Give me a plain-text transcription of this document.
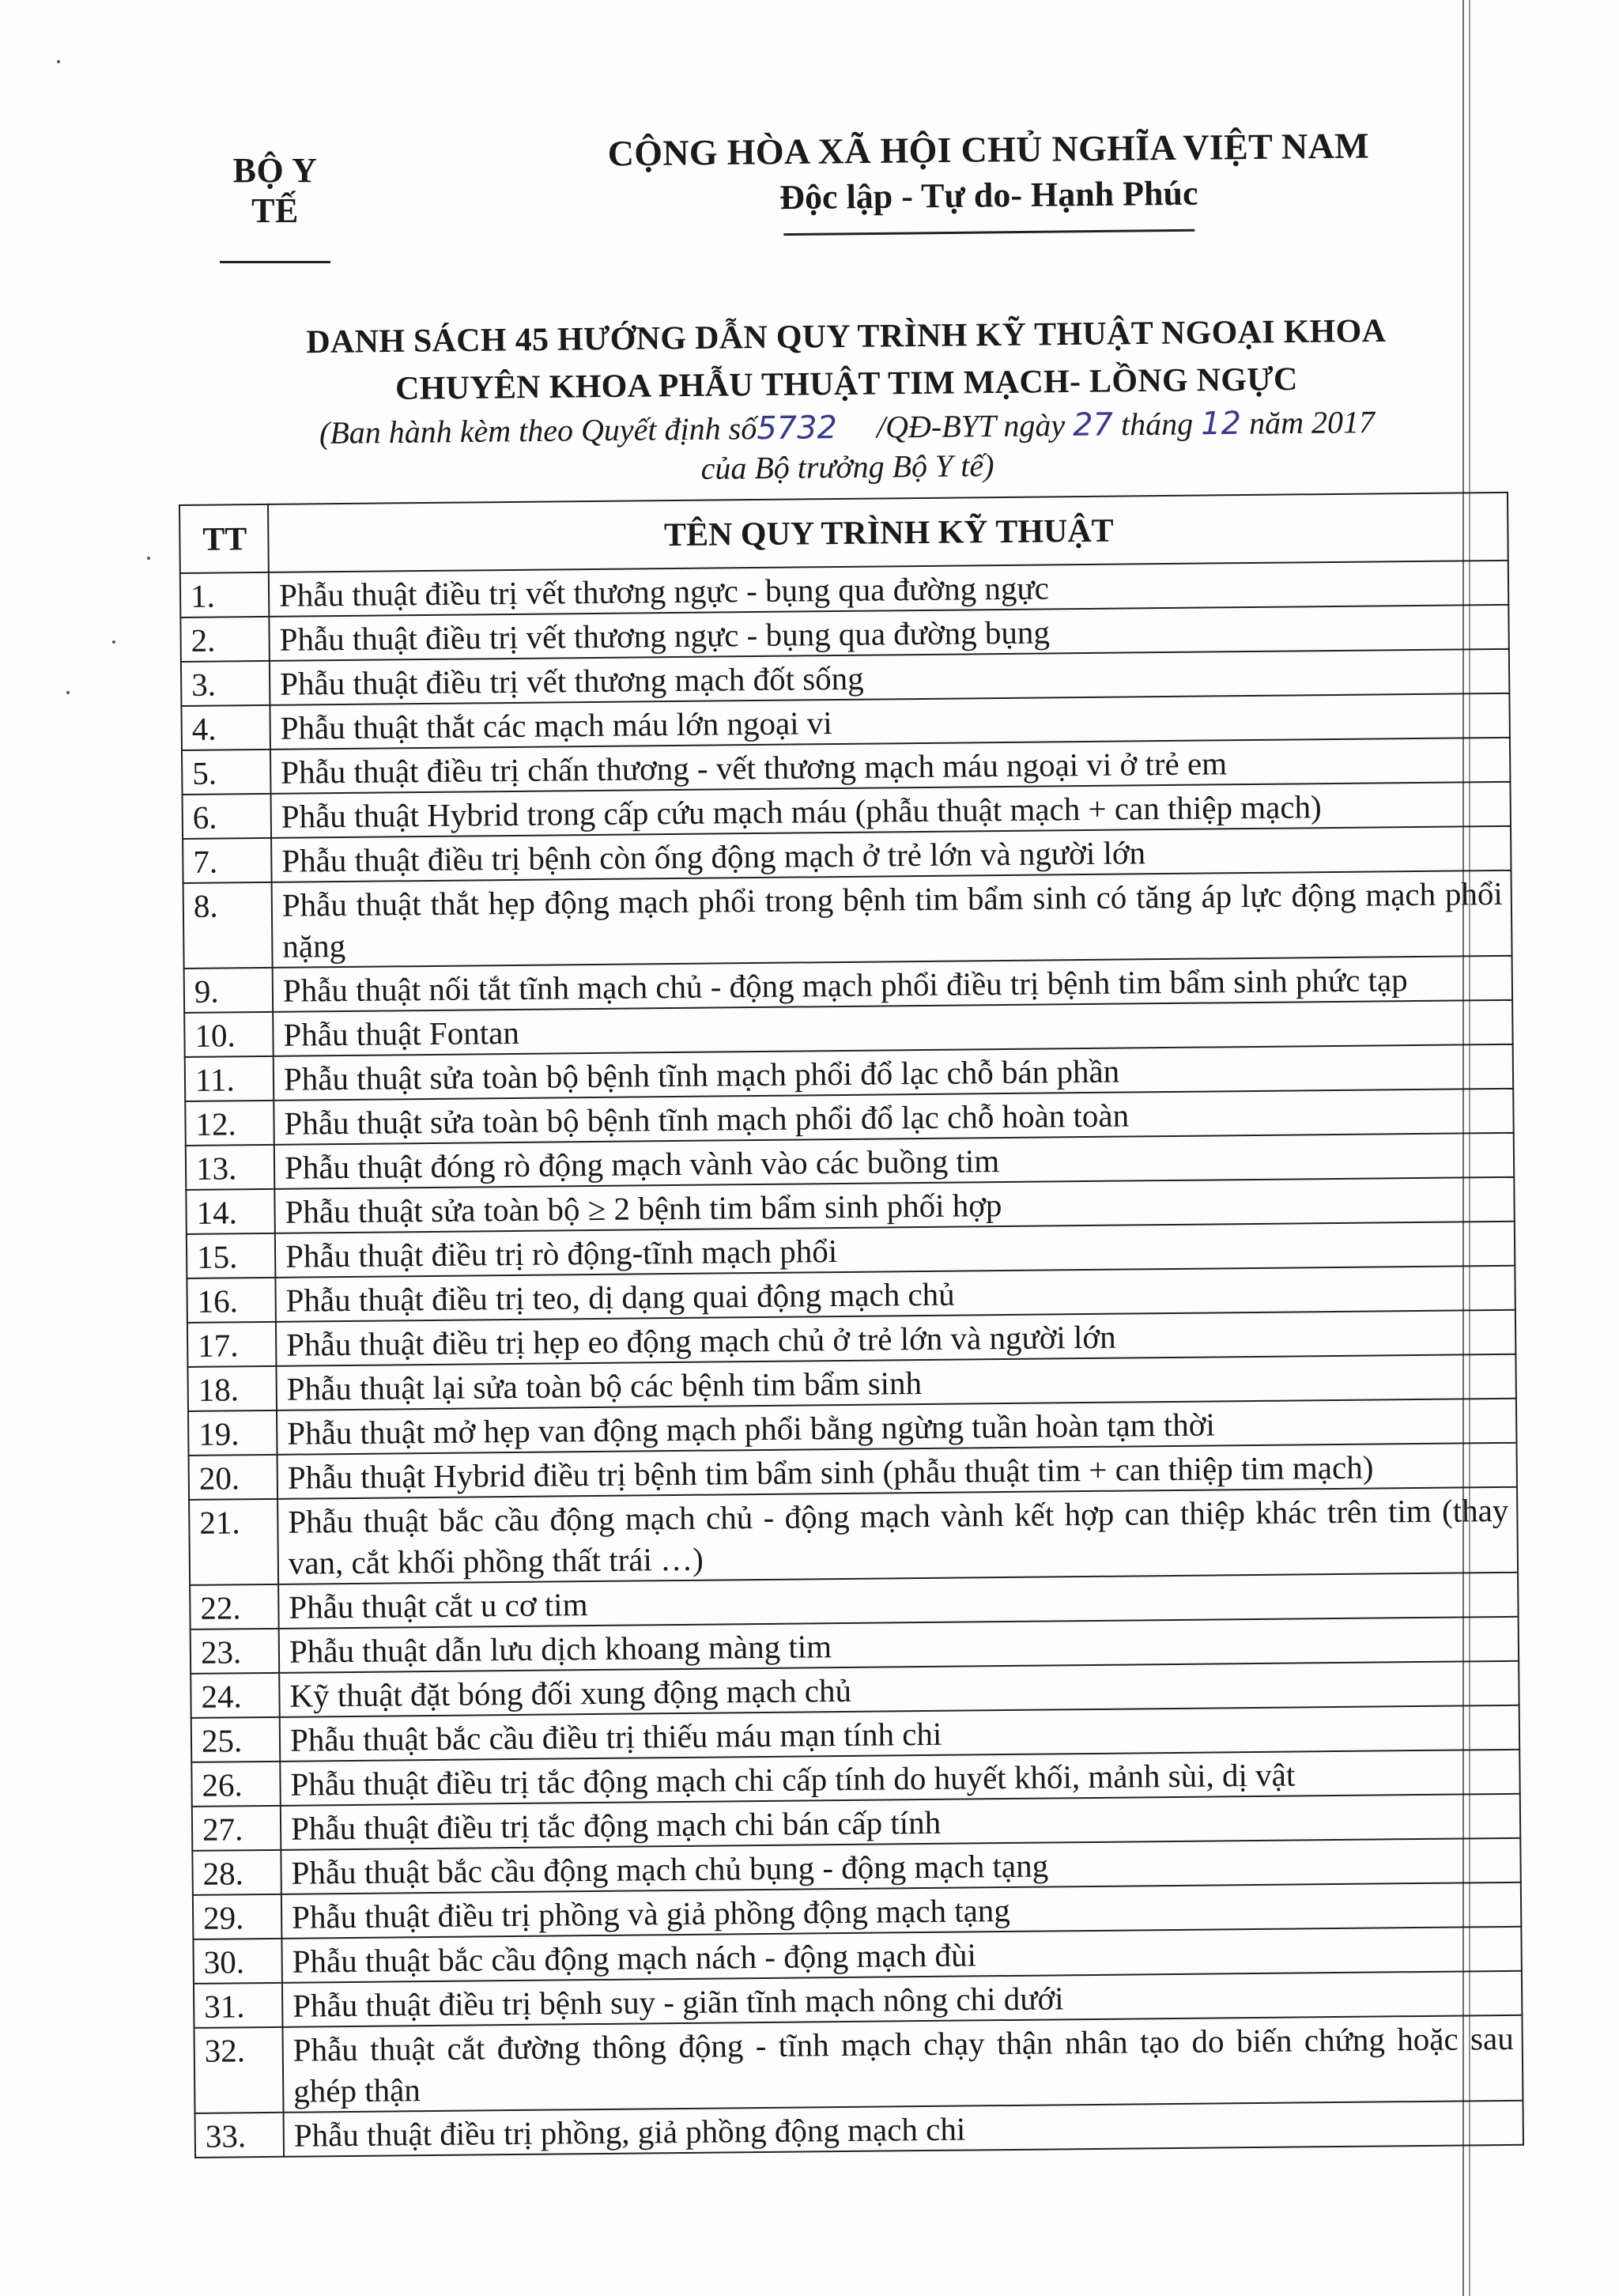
BỘ Y TẾ
CỘNG HÒA XÃ HỘI CHỦ NGHĨA VIỆT NAM
Độc lập - Tự do- Hạnh Phúc
DANH SÁCH 45 HƯỚNG DẪN QUY TRÌNH KỸ THUẬT NGOẠI KHOA
CHUYÊN KHOA PHẪU THUẬT TIM MẠCH- LỒNG NGỰC
(Ban hành kèm theo Quyết định số5732 /QĐ-BYT ngày 27 tháng 12 năm 2017
của Bộ trưởng Bộ Y tế)
TT	TÊN QUY TRÌNH KỸ THUẬT
1.	Phẫu thuật điều trị vết thương ngực - bụng qua đường ngực
2.	Phẫu thuật điều trị vết thương ngực - bụng qua đường bụng
3.	Phẫu thuật điều trị vết thương mạch đốt sống
4.	Phẫu thuật thắt các mạch máu lớn ngoại vi
5.	Phẫu thuật điều trị chấn thương - vết thương mạch máu ngoại vi ở trẻ em
6.	Phẫu thuật Hybrid trong cấp cứu mạch máu (phẫu thuật mạch + can thiệp mạch)
7.	Phẫu thuật điều trị bệnh còn ống động mạch ở trẻ lớn và người lớn
8.	Phẫu thuật thắt hẹp động mạch phổi trong bệnh tim bẩm sinh có tăng áp lực động mạch phổi nặng
9.	Phẫu thuật nối tắt tĩnh mạch chủ - động mạch phổi điều trị bệnh tim bẩm sinh phức tạp
10.	Phẫu thuật Fontan
11.	Phẫu thuật sửa toàn bộ bệnh tĩnh mạch phổi đổ lạc chỗ bán phần
12.	Phẫu thuật sửa toàn bộ bệnh tĩnh mạch phổi đổ lạc chỗ hoàn toàn
13.	Phẫu thuật đóng rò động mạch vành vào các buồng tim
14.	Phẫu thuật sửa toàn bộ ≥ 2 bệnh tim bẩm sinh phối hợp
15.	Phẫu thuật điều trị rò động-tĩnh mạch phổi
16.	Phẫu thuật điều trị teo, dị dạng quai động mạch chủ
17.	Phẫu thuật điều trị hẹp eo động mạch chủ ở trẻ lớn và người lớn
18.	Phẫu thuật lại sửa toàn bộ các bệnh tim bẩm sinh
19.	Phẫu thuật mở hẹp van động mạch phổi bằng ngừng tuần hoàn tạm thời
20.	Phẫu thuật Hybrid điều trị bệnh tim bẩm sinh (phẫu thuật tim + can thiệp tim mạch)
21.	Phẫu thuật bắc cầu động mạch chủ - động mạch vành kết hợp can thiệp khác trên tim (thay van, cắt khối phồng thất trái …)
22.	Phẫu thuật cắt u cơ tim
23.	Phẫu thuật dẫn lưu dịch khoang màng tim
24.	Kỹ thuật đặt bóng đối xung động mạch chủ
25.	Phẫu thuật bắc cầu điều trị thiếu máu mạn tính chi
26.	Phẫu thuật điều trị tắc động mạch chi cấp tính do huyết khối, mảnh sùi, dị vật
27.	Phẫu thuật điều trị tắc động mạch chi bán cấp tính
28.	Phẫu thuật bắc cầu động mạch chủ bụng - động mạch tạng
29.	Phẫu thuật điều trị phồng và giả phồng động mạch tạng
30.	Phẫu thuật bắc cầu động mạch nách - động mạch đùi
31.	Phẫu thuật điều trị bệnh suy - giãn tĩnh mạch nông chi dưới
32.	Phẫu thuật cắt đường thông động - tĩnh mạch chạy thận nhân tạo do biến chứng hoặc sau ghép thận
33.	Phẫu thuật điều trị phồng, giả phồng động mạch chi
